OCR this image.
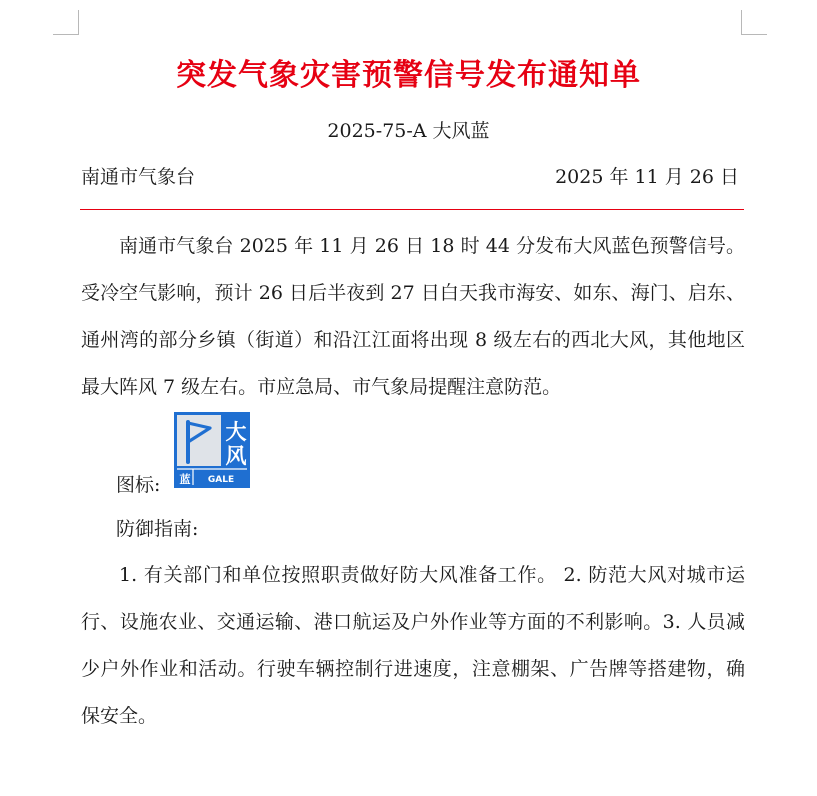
突发气象灾害预警信号发布通知单
2025-75-A 大风蓝
南通市气象台	2025 年 11 月 26 日

南通市气象台 2025 年 11 月 26 日 18 时 44 分发布大风蓝色预警信号。受冷空气影响，预计 26 日后半夜到 27 日白天我市海安、如东、海门、启东、通州湾的部分乡镇（街道）和沿江江面将出现 8 级左右的西北大风，其他地区最大阵风 7 级左右。市应急局、市气象局提醒注意防范。

图标:
大
风
蓝 GALE
防御指南:

1. 有关部门和单位按照职责做好防大风准备工作。 2. 防范大风对城市运行、设施农业、交通运输、港口航运及户外作业等方面的不利影响。3. 人员减少户外作业和活动。行驶车辆控制行进速度，注意棚架、广告牌等搭建物，确保安全。
